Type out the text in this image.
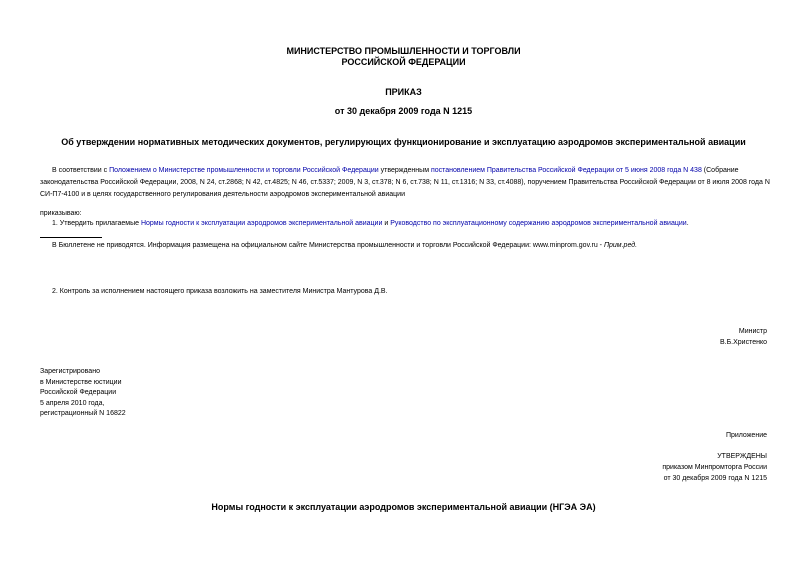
МИНИСТЕРСТВО ПРОМЫШЛЕННОСТИ И ТОРГОВЛИ
РОССИЙСКОЙ ФЕДЕРАЦИИ
ПРИКАЗ
от 30 декабря 2009 года N 1215
Об утверждении нормативных методических документов, регулирующих функционирование и эксплуатацию аэродромов экспериментальной авиации
В соответствии с Положением о Министерстве промышленности и торговли Российской Федерации утвержденным постановлением Правительства Российской Федерации от 5 июня 2008 года N 438 (Собрание законодательства Российской Федерации, 2008, N 24, ст.2868; N 42, ст.4825; N 46, ст.5337; 2009, N 3, ст.378; N 6, ст.738; N 11, ст.1316; N 33, ст.4088), поручением Правительства Российской Федерации от 8 июля 2008 года N СИ-П7-4100 и в целях государственного регулирования деятельности аэродромов экспериментальной авиации
приказываю:
1. Утвердить прилагаемые Нормы годности к эксплуатации аэродромов экспериментальной авиации и Руководство по эксплуатационному содержанию аэродромов экспериментальной авиации.
В Бюллетене не приводятся. Информация размещена на официальном сайте Министерства промышленности и торговли Российской Федерации: www.minprom.gov.ru - Прим.ред.
2. Контроль за исполнением настоящего приказа возложить на заместителя Министра Мантурова Д.В.
Министр
В.Б.Христенко
Зарегистрировано
в Министерстве юстиции
Российской Федерации
5 апреля 2010 года,
регистрационный N 16822
Приложение
УТВЕРЖДЕНЫ
приказом Минпромторга России
от 30 декабря 2009 года N 1215
Нормы годности к эксплуатации аэродромов экспериментальной авиации (НГЭА ЭА)
